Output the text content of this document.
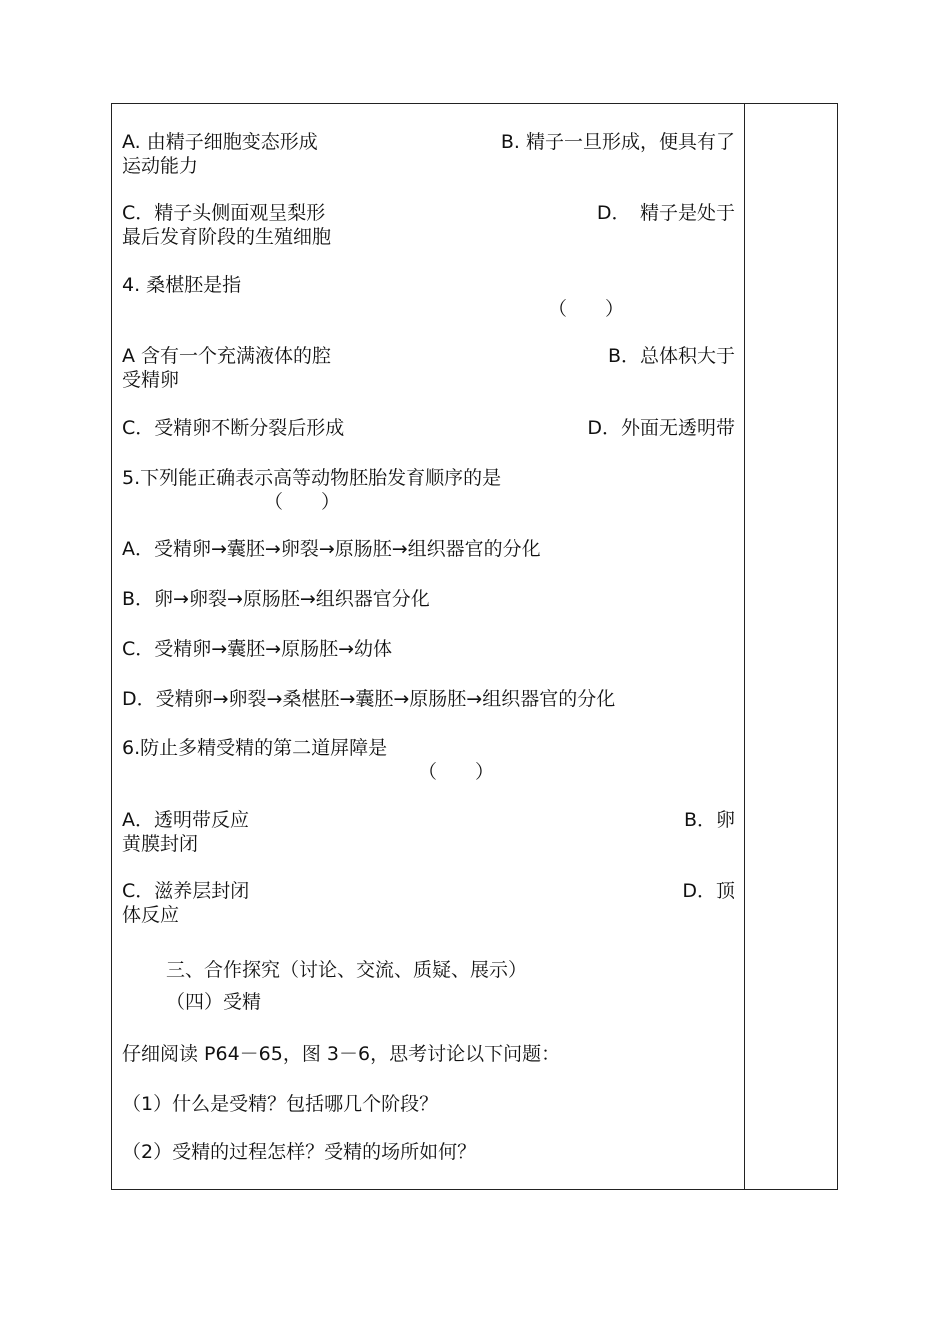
A. 由精子细胞变态形成	B. 精子一旦形成，便具有了
运动能力
C．精子头侧面观呈梨形	D．　精子是处于
最后发育阶段的生殖细胞
4. 桑椹胚是指
（　　）
A 含有一个充满液体的腔	B．总体积大于
受精卵
C．受精卵不断分裂后形成	D．外面无透明带
5.下列能正确表示高等动物胚胎发育顺序的是
（　　）
A．受精卵→囊胚→卵裂→原肠胚→组织器官的分化
B．卵→卵裂→原肠胚→组织器官分化
C．受精卵→囊胚→原肠胚→幼体
D．受精卵→卵裂→桑椹胚→囊胚→原肠胚→组织器官的分化
6.防止多精受精的第二道屏障是
（　　）
A．透明带反应	B．卵
黄膜封闭
C．滋养层封闭	D．顶
体反应
三、合作探究（讨论、交流、质疑、展示）
（四）受精
仔细阅读 P64－65，图 3－6，思考讨论以下问题：
（1）什么是受精？包括哪几个阶段？
（2）受精的过程怎样？受精的场所如何？
